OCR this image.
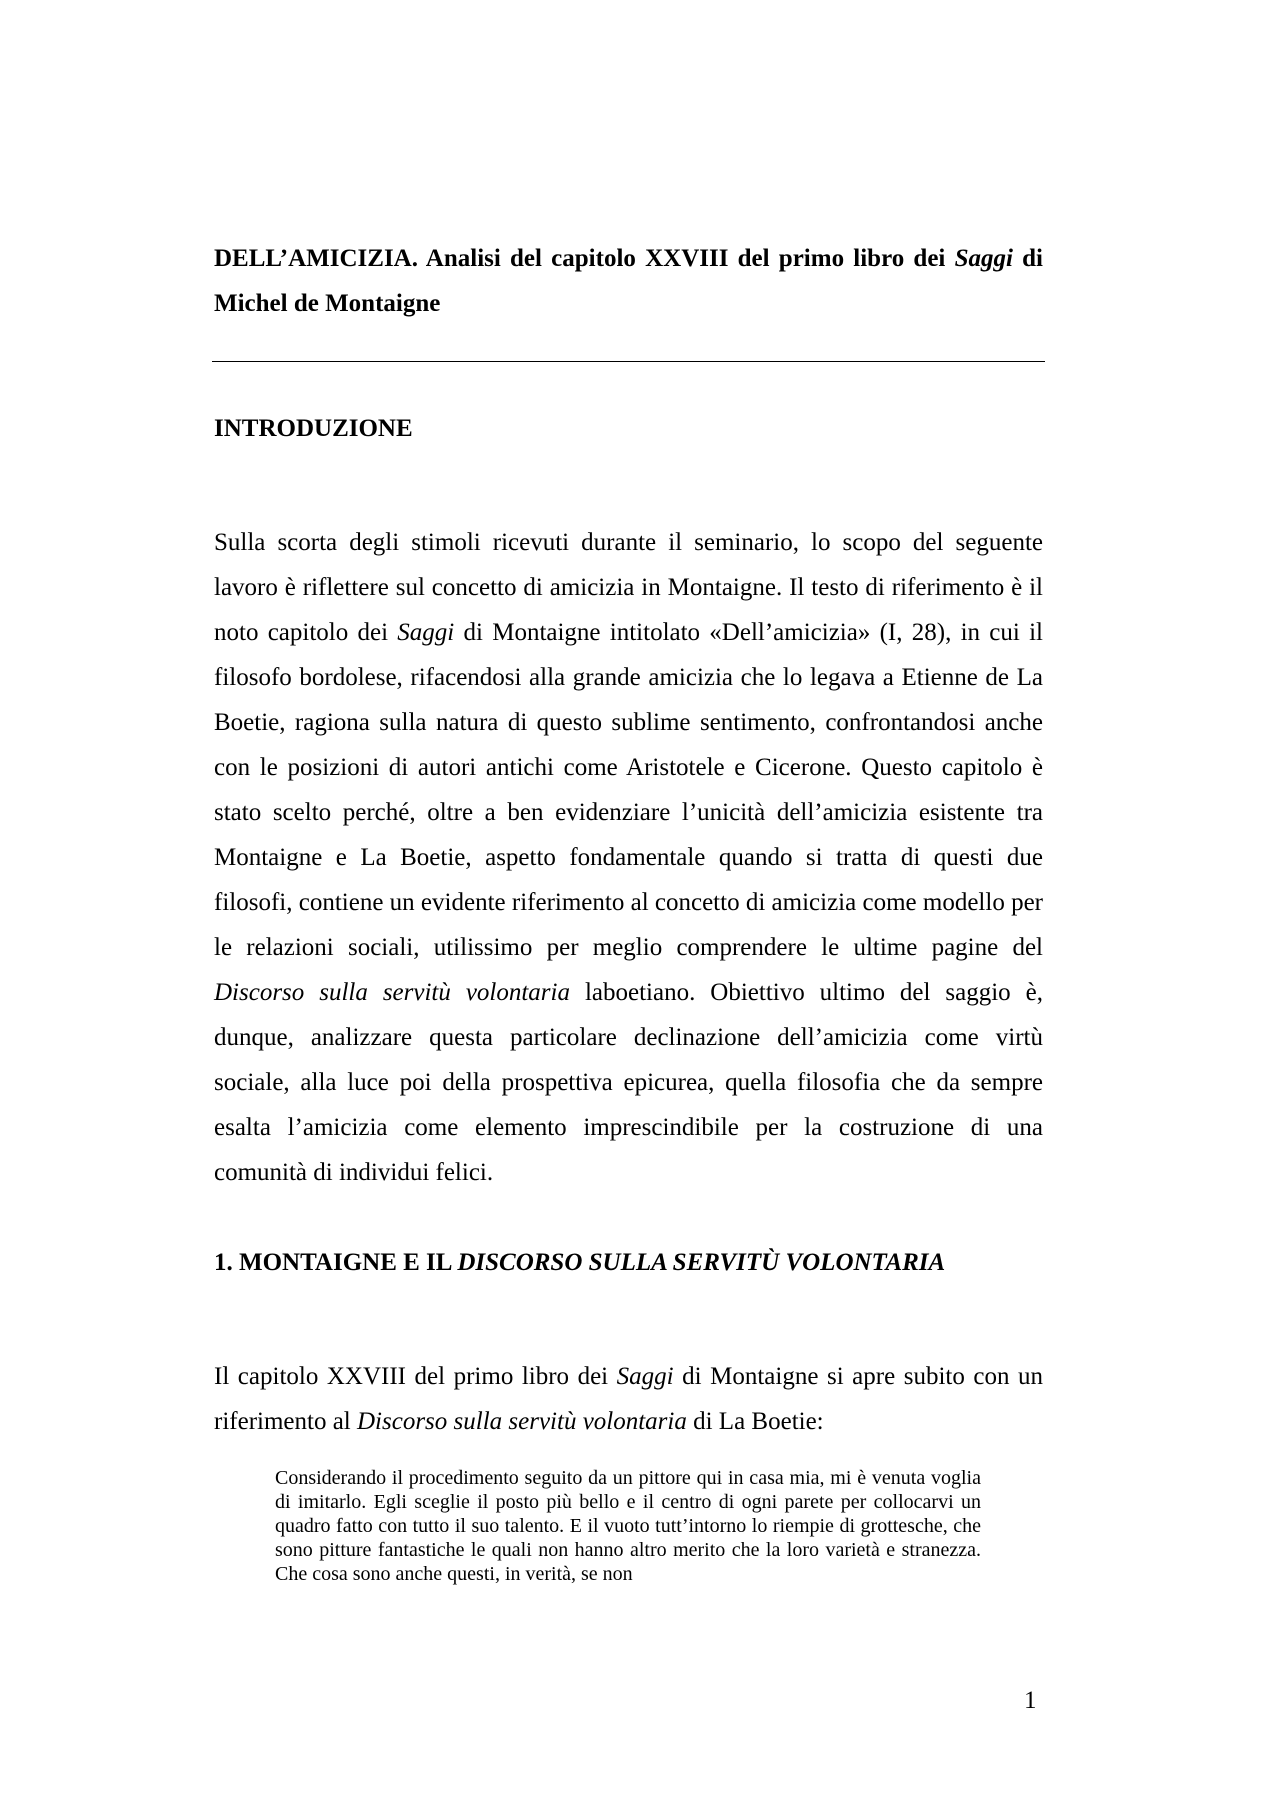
DELL’AMICIZIA. Analisi del capitolo XXVIII del primo libro dei Saggi di Michel de Montaigne

INTRODUZIONE

Sulla scorta degli stimoli ricevuti durante il seminario, lo scopo del seguente lavoro è riflettere sul concetto di amicizia in Montaigne. Il testo di riferimento è il noto capitolo dei Saggi di Montaigne intitolato «Dell’amicizia» (I, 28), in cui il filosofo bordolese, rifacendosi alla grande amicizia che lo legava a Etienne de La Boetie, ragiona sulla natura di questo sublime sentimento, confrontandosi anche con le posizioni di autori antichi come Aristotele e Cicerone. Questo capitolo è stato scelto perché, oltre a ben evidenziare l’unicità dell’amicizia esistente tra Montaigne e La Boetie, aspetto fondamentale quando si tratta di questi due filosofi, contiene un evidente riferimento al concetto di amicizia come modello per le relazioni sociali, utilissimo per meglio comprendere le ultime pagine del Discorso sulla servitù volontaria laboetiano. Obiettivo ultimo del saggio è, dunque, analizzare questa particolare declinazione dell’amicizia come virtù sociale, alla luce poi della prospettiva epicurea, quella filosofia che da sempre esalta l’amicizia come elemento imprescindibile per la costruzione di una comunità di individui felici.

1. MONTAIGNE E IL DISCORSO SULLA SERVITÙ VOLONTARIA

Il capitolo XXVIII del primo libro dei Saggi di Montaigne si apre subito con un riferimento al Discorso sulla servitù volontaria di La Boetie:

Considerando il procedimento seguito da un pittore qui in casa mia, mi è venuta voglia di imitarlo. Egli sceglie il posto più bello e il centro di ogni parete per collocarvi un quadro fatto con tutto il suo talento. E il vuoto tutt’intorno lo riempie di grottesche, che sono pitture fantastiche le quali non hanno altro merito che la loro varietà e stranezza. Che cosa sono anche questi, in verità, se non

1
